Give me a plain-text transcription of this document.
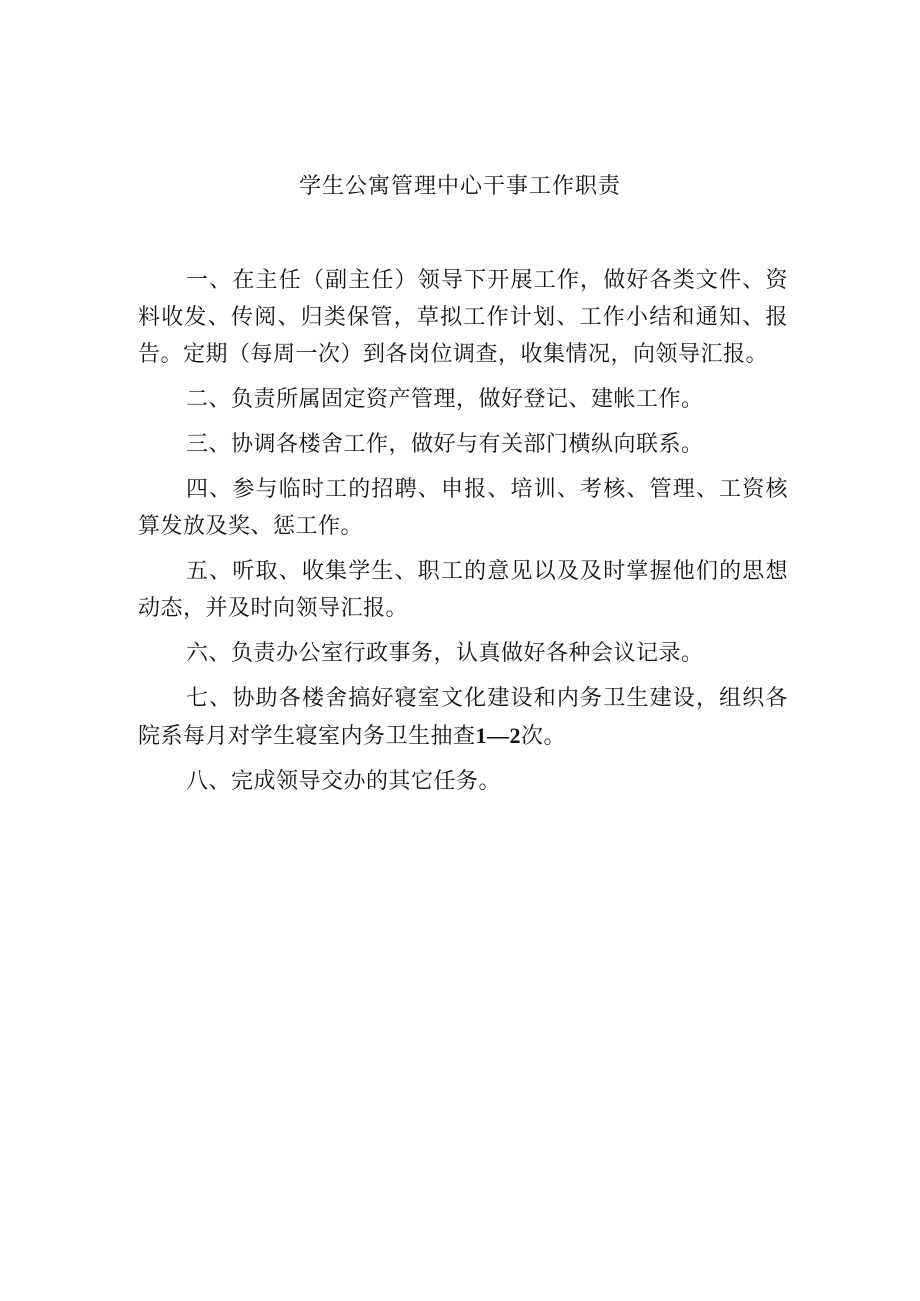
学生公寓管理中心干事工作职责

一、在主任（副主任）领导下开展工作，做好各类文件、资料收发、传阅、归类保管，草拟工作计划、工作小结和通知、报告。定期（每周一次）到各岗位调查，收集情况，向领导汇报。

二、负责所属固定资产管理，做好登记、建帐工作。

三、协调各楼舍工作，做好与有关部门横纵向联系。

四、参与临时工的招聘、申报、培训、考核、管理、工资核算发放及奖、惩工作。

五、听取、收集学生、职工的意见以及及时掌握他们的思想动态，并及时向领导汇报。

六、负责办公室行政事务，认真做好各种会议记录。

七、协助各楼舍搞好寝室文化建设和内务卫生建设，组织各院系每月对学生寝室内务卫生抽查1—2次。

八、完成领导交办的其它任务。
